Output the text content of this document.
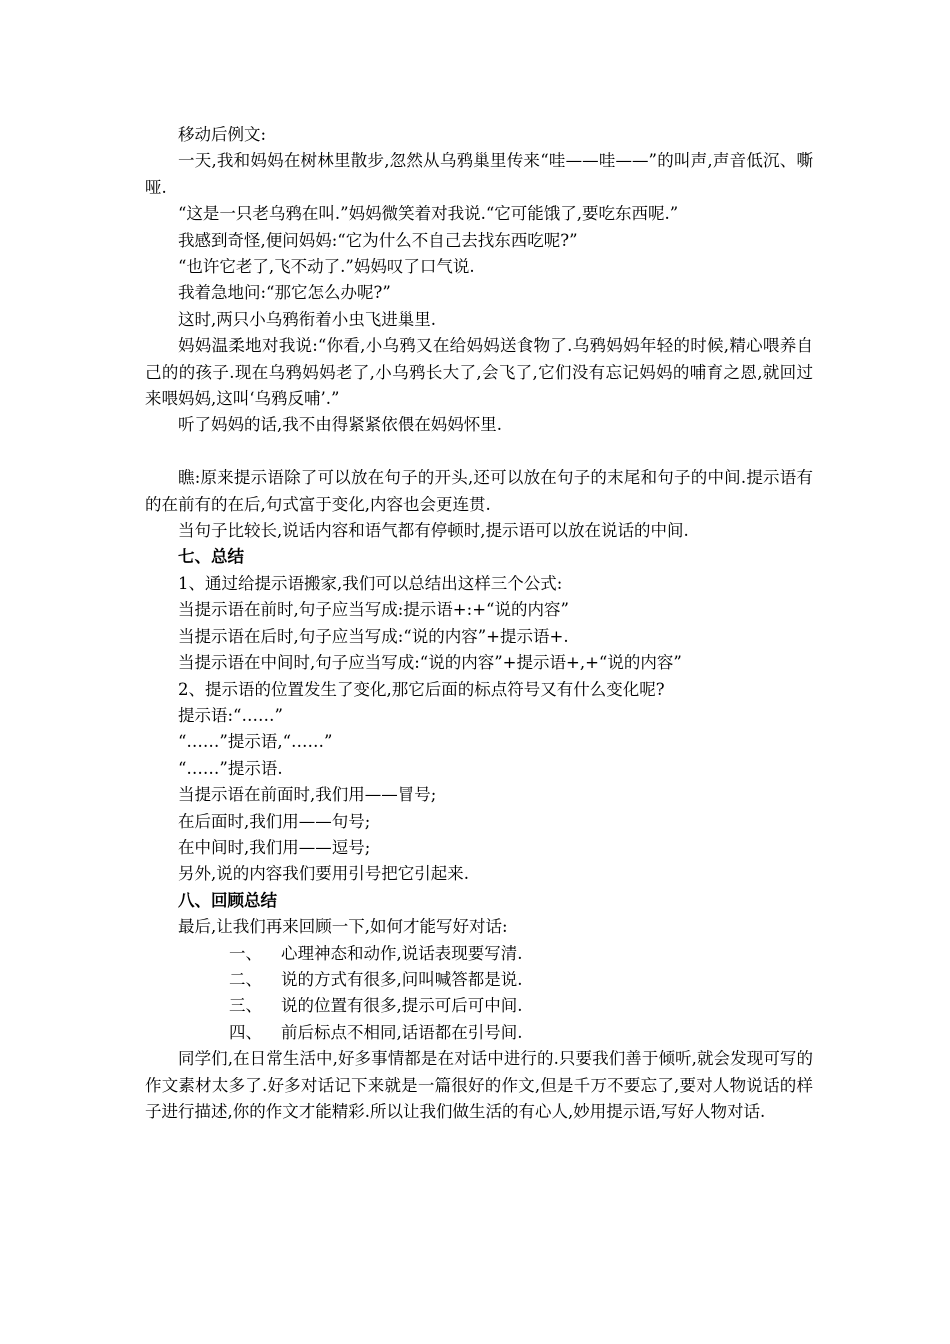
移动后例文:

一天,我和妈妈在树林里散步,忽然从乌鸦巢里传来“哇——哇——”的叫声,声音低沉、嘶哑.

“这是一只老乌鸦在叫.”妈妈微笑着对我说.“它可能饿了,要吃东西呢.”

我感到奇怪,便问妈妈:“它为什么不自己去找东西吃呢?”

“也许它老了,飞不动了.”妈妈叹了口气说.

我着急地问:“那它怎么办呢?”

这时,两只小乌鸦衔着小虫飞进巢里.

妈妈温柔地对我说:“你看,小乌鸦又在给妈妈送食物了.乌鸦妈妈年轻的时候,精心喂养自己的的孩子.现在乌鸦妈妈老了,小乌鸦长大了,会飞了,它们没有忘记妈妈的哺育之恩,就回过来喂妈妈,这叫‘乌鸦反哺’.”

听了妈妈的话,我不由得紧紧依偎在妈妈怀里.

瞧:原来提示语除了可以放在句子的开头,还可以放在句子的末尾和句子的中间.提示语有的在前有的在后,句式富于变化,内容也会更连贯.

当句子比较长,说话内容和语气都有停顿时,提示语可以放在说话的中间.

七、总结

1、通过给提示语搬家,我们可以总结出这样三个公式:

当提示语在前时,句子应当写成:提示语+:+“说的内容”

当提示语在后时,句子应当写成:“说的内容”+提示语+.

当提示语在中间时,句子应当写成:“说的内容”+提示语+,+“说的内容”

2、提示语的位置发生了变化,那它后面的标点符号又有什么变化呢?

提示语:“……”

“……”提示语,“……”

“……”提示语.

当提示语在前面时,我们用——冒号;

在后面时,我们用——句号;

在中间时,我们用——逗号;

另外,说的内容我们要用引号把它引起来.

八、回顾总结

最后,让我们再来回顾一下,如何才能写好对话:

一、	心理神态和动作,说话表现要写清.

二、	说的方式有很多,问叫喊答都是说.

三、	说的位置有很多,提示可后可中间.

四、	前后标点不相同,话语都在引号间.

同学们,在日常生活中,好多事情都是在对话中进行的.只要我们善于倾听,就会发现可写的作文素材太多了.好多对话记下来就是一篇很好的作文,但是千万不要忘了,要对人物说话的样子进行描述,你的作文才能精彩.所以让我们做生活的有心人,妙用提示语,写好人物对话.
